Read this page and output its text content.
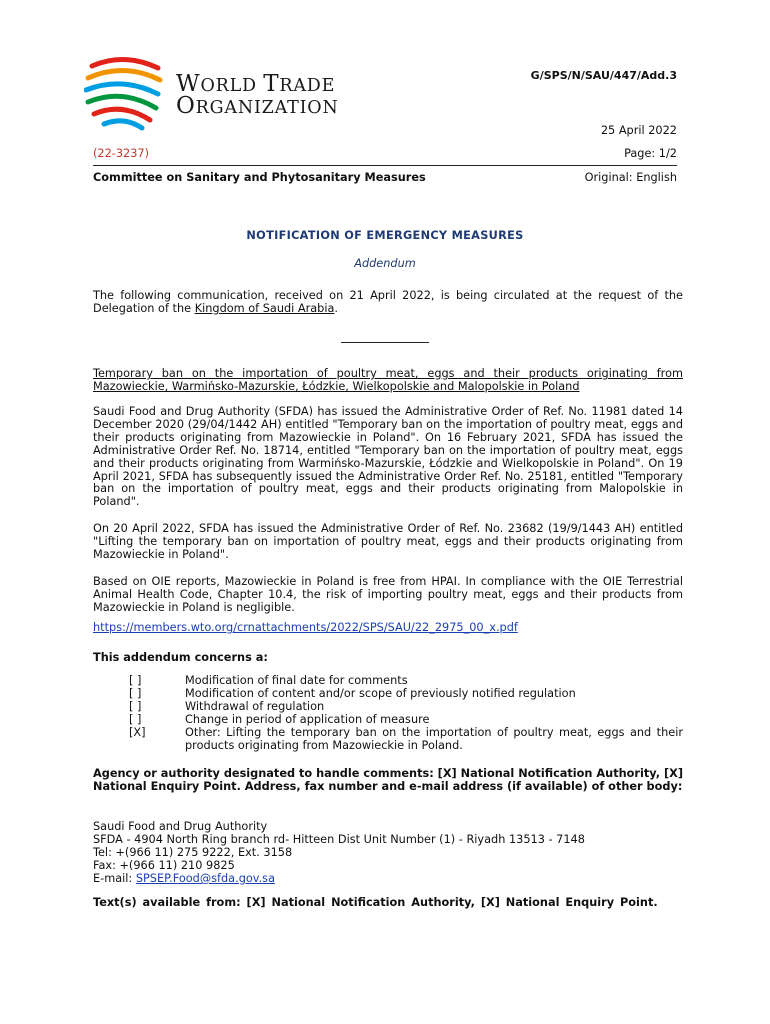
WORLD TRADE
ORGANIZATION
G/SPS/N/SAU/447/Add.3
25 April 2022
(22-3237)	Page: 1/2
Committee on Sanitary and Phytosanitary Measures	Original: English
NOTIFICATION OF EMERGENCY MEASURES
Addendum
The following communication, received on 21 April 2022, is being circulated at the request of the Delegation of the Kingdom of Saudi Arabia.
Temporary ban on the importation of poultry meat, eggs and their products originating from Mazowieckie, Warmińsko-Mazurskie, Łódzkie, Wielkopolskie and Malopolskie in Poland
Saudi Food and Drug Authority (SFDA) has issued the Administrative Order of Ref. No. 11981 dated 14 December 2020 (29/04/1442 AH) entitled "Temporary ban on the importation of poultry meat, eggs and their products originating from Mazowieckie in Poland". On 16 February 2021, SFDA has issued the Administrative Order Ref. No. 18714, entitled "Temporary ban on the importation of poultry meat, eggs and their products originating from Warmińsko-Mazurskie, Łódzkie and Wielkopolskie in Poland". On 19 April 2021, SFDA has subsequently issued the Administrative Order Ref. No. 25181, entitled "Temporary ban on the importation of poultry meat, eggs and their products originating from Malopolskie in Poland".
On 20 April 2022, SFDA has issued the Administrative Order of Ref. No. 23682 (19/9/1443 AH) entitled "Lifting the temporary ban on importation of poultry meat, eggs and their products originating from Mazowieckie in Poland".
Based on OIE reports, Mazowieckie in Poland is free from HPAI. In compliance with the OIE Terrestrial Animal Health Code, Chapter 10.4, the risk of importing poultry meat, eggs and their products from Mazowieckie in Poland is negligible.
https://members.wto.org/crnattachments/2022/SPS/SAU/22_2975_00_x.pdf
This addendum concerns a:
[ ]	Modification of final date for comments
[ ]	Modification of content and/or scope of previously notified regulation
[ ]	Withdrawal of regulation
[ ]	Change in period of application of measure
[X]	Other: Lifting the temporary ban on the importation of poultry meat, eggs and their products originating from Mazowieckie in Poland.
Agency or authority designated to handle comments: [X] National Notification Authority, [X] National Enquiry Point. Address, fax number and e-mail address (if available) of other body:
Saudi Food and Drug Authority
SFDA - 4904 North Ring branch rd- Hitteen Dist Unit Number (1) - Riyadh 13513 - 7148
Tel: +(966 11) 275 9222, Ext. 3158
Fax: +(966 11) 210 9825
E-mail: SPSEP.Food@sfda.gov.sa
Text(s) available from: [X] National Notification Authority, [X] National Enquiry Point.
